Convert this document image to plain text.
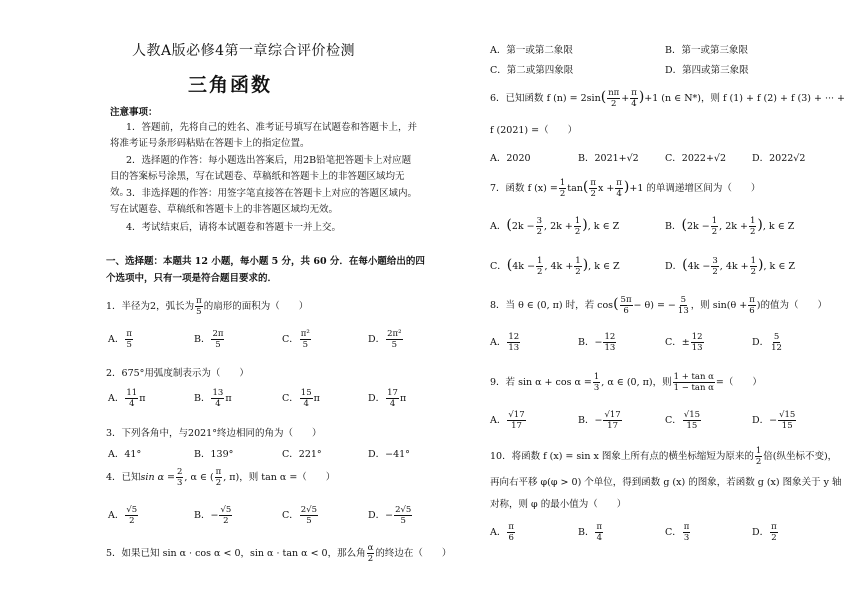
人教A版必修4第一章综合评价检测
三角函数
注意事项：
1．答题前，先将自己的姓名、准考证号填写在试题卷和答题卡上，并将准考证号条形码粘贴在答题卡上的指定位置。
2．选择题的作答：每小题选出答案后，用2B铅笔把答题卡上对应题目的答案标号涂黑，写在试题卷、草稿纸和答题卡上的非答题区域均无效。
3．非选择题的作答：用签字笔直接答在答题卡上对应的答题区域内。写在试题卷、草稿纸和答题卡上的非答题区域均无效。
4．考试结束后，请将本试题卷和答题卡一并上交。
一、选择题：本题共 12 小题，每小题 5 分，共 60 分．在每小题给出的四
个选项中，只有一项是符合题目要求的．
1．半径为2，弧长为 $\frac{\pi}{5}$ 的扇形的面积为（　　）
A． $\frac{\pi}{5}$	B． $\frac{2\pi}{5}$	C． $\frac{\text{π²}}{5}$	D． $\frac{\text{2π²}}{5}$
2．675°用弧度制表示为（　　）
A． $\frac{11}{4}$ π	B． $\frac{13}{4}$ π	C． $\frac{15}{4}$ π	D． $\frac{17}{4}$ π
3．下列各角中，与2021°终边相同的角为（　　）
A．41°	B．139°	C．221°	D．−41°
4．已知$\sin \alpha = \frac{2}{3}$ , α ∈ ( $\frac{\pi}{2}$ , π)，则 tan α =（　　）
A． $\frac{√5}{2}$	B．− $\frac{√5}{2}$	C． $\frac{2√5}{5}$	D．− $\frac{2√5}{5}$
5．如果已知 sin α · cos α < 0，sin α · tan α < 0，那么角 $\frac{\alpha}{2}$ 的终边在（　　）
A．第一或第二象限	B．第一或第三象限
C．第二或第四象限	D．第四或第三象限
6．已知函数 f $(n) = 2\sin( \frac{n\pi}{2} + \frac{\pi}{4} )+1$ (n ∈ N*)，则 f (1) + f (2) + f (3) + ··· +
f (2021) =（　　）
A．2020	B．2021+√2	C．2022+√2	D．2022√2
7．函数 f $(x) = \frac{1}{2} \tan( \frac{\pi}{2}$ $x + \frac{\pi}{4} )+1$ 的单调递增区间为（　　）
A．($2k - \frac{3}{2}$ , $2k + \frac{1}{2}$ ), k ∈ Z	B．($2k - \frac{1}{2}$ , $2k + \frac{1}{2}$ ), k ∈ Z
C．($4k - \frac{1}{2}$ , $4k + \frac{1}{2}$ ), k ∈ Z	D．($4k - \frac{3}{2}$ , $4k + \frac{1}{2}$ ), k ∈ Z
8．当 θ ∈ (0, π) 时，若 $\cos( \frac{5\pi}{6} - \theta)$ = − $\frac{5}{13}$ ，则 $\sin(\theta + \frac{\pi}{6}$ )的值为（　　）
A． $\frac{12}{13}$	B．− $\frac{12}{13}$	C．± $\frac{12}{13}$	D． $\frac{5}{12}$
9．若 $\sin \alpha + \cos \alpha = \frac{1}{3}$ , α ∈ (0, π)，则 $\frac{\text{1 + tan α}}{\text{1 − tan α}}$ =（　　）
A． $\frac{√17}{17}$	B．− $\frac{√17}{17}$	C． $\frac{√15}{15}$	D．− $\frac{√15}{15}$
10．将函数 f (x) = sin x 图象上所有点的横坐标缩短为原来的 $\frac{1}{2}$ 倍(纵坐标不变)，
再向右平移 φ(φ > 0) 个单位，得到函数 g (x) 的图象，若函数 g (x) 图象关于 y 轴
对称，则 φ 的最小值为（　　）
A． $\frac{\pi}{6}$	B． $\frac{\pi}{4}$	C． $\frac{\pi}{3}$	D． $\frac{\pi}{2}$
